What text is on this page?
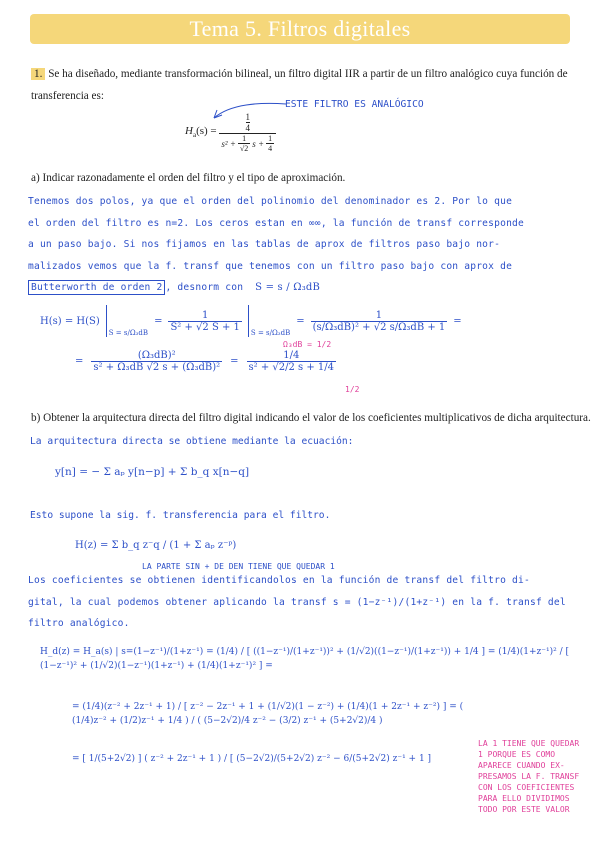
Tema 5. Filtros digitales
1. Se ha diseñado, mediante transformación bilineal, un filtro digital IIR a partir de un filtro analógico cuya función de transferencia es:
$H_a(s)$ =
1
4
$s^2 + \frac{1}{√2}$ $s + \frac{1}{4}$
ESTE FILTRO ES ANALÓGICO
a) Indicar razonadamente el orden del filtro y el tipo de aproximación.
Tenemos dos polos, ya que el orden del polinomio del denominador es 2. Por lo que
el orden del filtro es n=2. Los ceros estan en ∞∞, la función de transf corresponde
a un paso bajo. Si nos fijamos en las tablas de aprox de filtros paso bajo nor-
malizados vemos que la f. transf que tenemos con un filtro paso bajo con aprox de
Butterworth de orden 2 , desnorm con S = s / Ω₃dB
H(s) = H(S)
S = s/Ω₃dB
= $\frac{1}{\text{S² + √2 S + 1}}$
S = s/Ω₃dB
= $\frac{1}{\text{(s/Ω₃dB)² + √2 s/Ω₃dB + 1}}$ =
= $\frac{\text{(Ω₃dB)²}}{\text{s² + Ω₃dB √2 s + (Ω₃dB)²}} = \frac{1/4}{\text{s² + √2/2 s + 1/4}}$
Ω₃dB = 1/2
1/2
b) Obtener la arquitectura directa del filtro digital indicando el valor de los coeficientes multiplicativos de dicha arquitectura.
La arquitectura directa se obtiene mediante la ecuación:
y[n] = − Σ aₚ y[n−p] + Σ b_q x[n−q]
Esto supone la sig. f. transferencia para el filtro.
H(z) = Σ b_q z⁻q / (1 + Σ aₚ z⁻ᵖ)
LA PARTE SIN + DE DEN TIENE QUE QUEDAR 1
Los coeficientes se obtienen identificandolos en la función de transf del filtro di-
gital, la cual podemos obtener aplicando la transf s = (1−z⁻¹)/(1+z⁻¹) en la f. transf del
filtro analógico.
H_d(z) = H_a(s) | s=(1−z⁻¹)/(1+z⁻¹) = (1/4) / [ ((1−z⁻¹)/(1+z⁻¹))² + (1/√2)((1−z⁻¹)/(1+z⁻¹)) + 1/4 ] = (1/4)(1+z⁻¹)² / [ (1−z⁻¹)² + (1/√2)(1−z⁻¹)(1+z⁻¹) + (1/4)(1+z⁻¹)² ] =
= (1/4)(z⁻² + 2z⁻¹ + 1) / [ z⁻² − 2z⁻¹ + 1 + (1/√2)(1 − z⁻²) + (1/4)(1 + 2z⁻¹ + z⁻²) ] = ( (1/4)z⁻² + (1/2)z⁻¹ + 1/4 ) / ( (5−2√2)/4 z⁻² − (3/2) z⁻¹ + (5+2√2)/4 )
= [ 1/(5+2√2) ] ( z⁻² + 2z⁻¹ + 1 ) / [ (5−2√2)/(5+2√2) z⁻² − 6/(5+2√2) z⁻¹ + 1 ]
LA 1 TIENE QUE QUEDAR
1 PORQUE ES COMO
APARECE CUANDO EX-
PRESAMOS LA F. TRANSF
CON LOS COEFICIENTES
PARA ELLO DIVIDIMOS
TODO POR ESTE VALOR
